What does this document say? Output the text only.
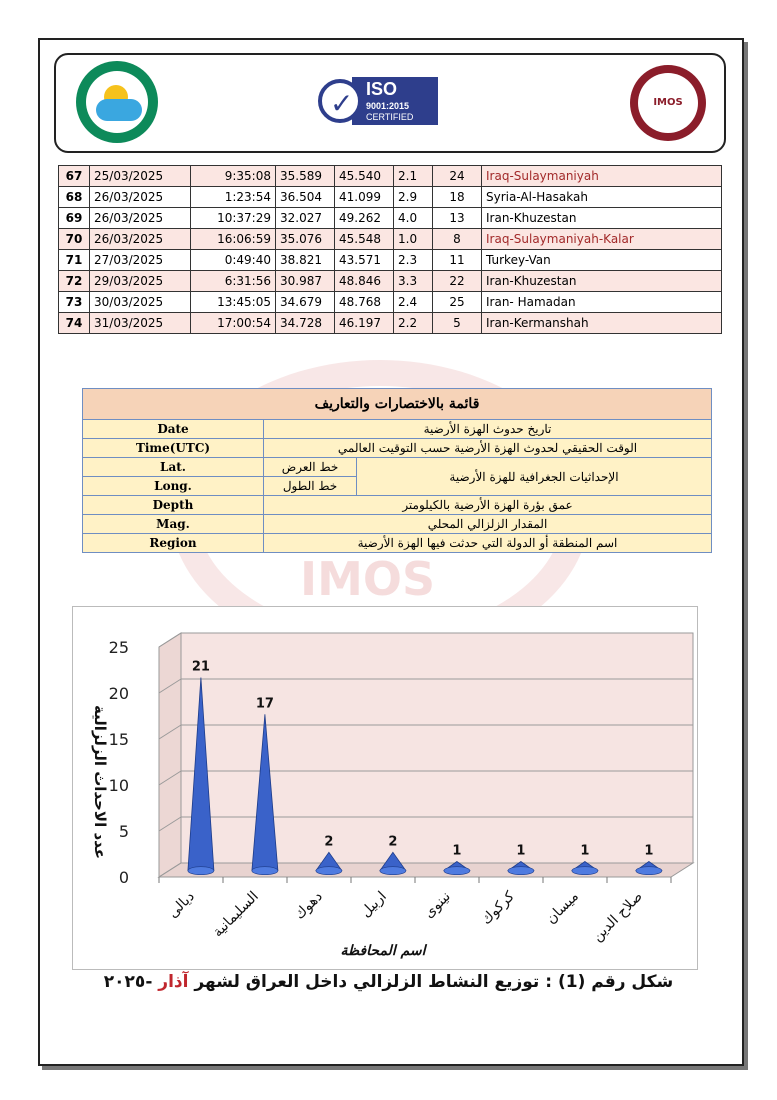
ISO
9001:2015
CERTIFIED
✓	IMOS
67	25/03/2025	9:35:08	35.589	45.540	2.1	24	Iraq-Sulaymaniyah
68	26/03/2025	1:23:54	36.504	41.099	2.9	18	Syria-Al-Hasakah
69	26/03/2025	10:37:29	32.027	49.262	4.0	13	Iran-Khuzestan
70	26/03/2025	16:06:59	35.076	45.548	1.0	8	Iraq-Sulaymaniyah-Kalar
71	27/03/2025	0:49:40	38.821	43.571	2.3	11	Turkey-Van
72	29/03/2025	6:31:56	30.987	48.846	3.3	22	Iran-Khuzestan
73	30/03/2025	13:45:05	34.679	48.768	2.4	25	Iran- Hamadan
74	31/03/2025	17:00:54	34.728	46.197	2.2	5	Iran-Kermanshah
IMOS
قائمة بالاختصارات والتعاريف		
Date	تاريخ حدوث الهزة الأرضية	
Time(UTC)	الوقت الحقيقي لحدوث الهزة الأرضية حسب التوقيت العالمي	
Lat.	خط العرض	الإحداثيات الجغرافية للهزة الأرضية
Long.	خط الطول	
Depth	عمق بؤرة الهزة الأرضية بالكيلومتر	
Mag.	المقدار الزلزالي المحلي	
Region	اسم المنطقة أو الدولة التي حدثت فيها الهزة الأرضية	
0
5
10
15
20
25
21
17
2	2
1	1	1	1
ديالى السليمانية دهوك اربيل نينوى كركوك ميسان صلاح الدين
اسم المحافظة
عدد الاحداث الزلزالية
شكل رقم (1) : توزيع النشاط الزلزالي داخل العراق لشهر آذار -٢٠٢٥
